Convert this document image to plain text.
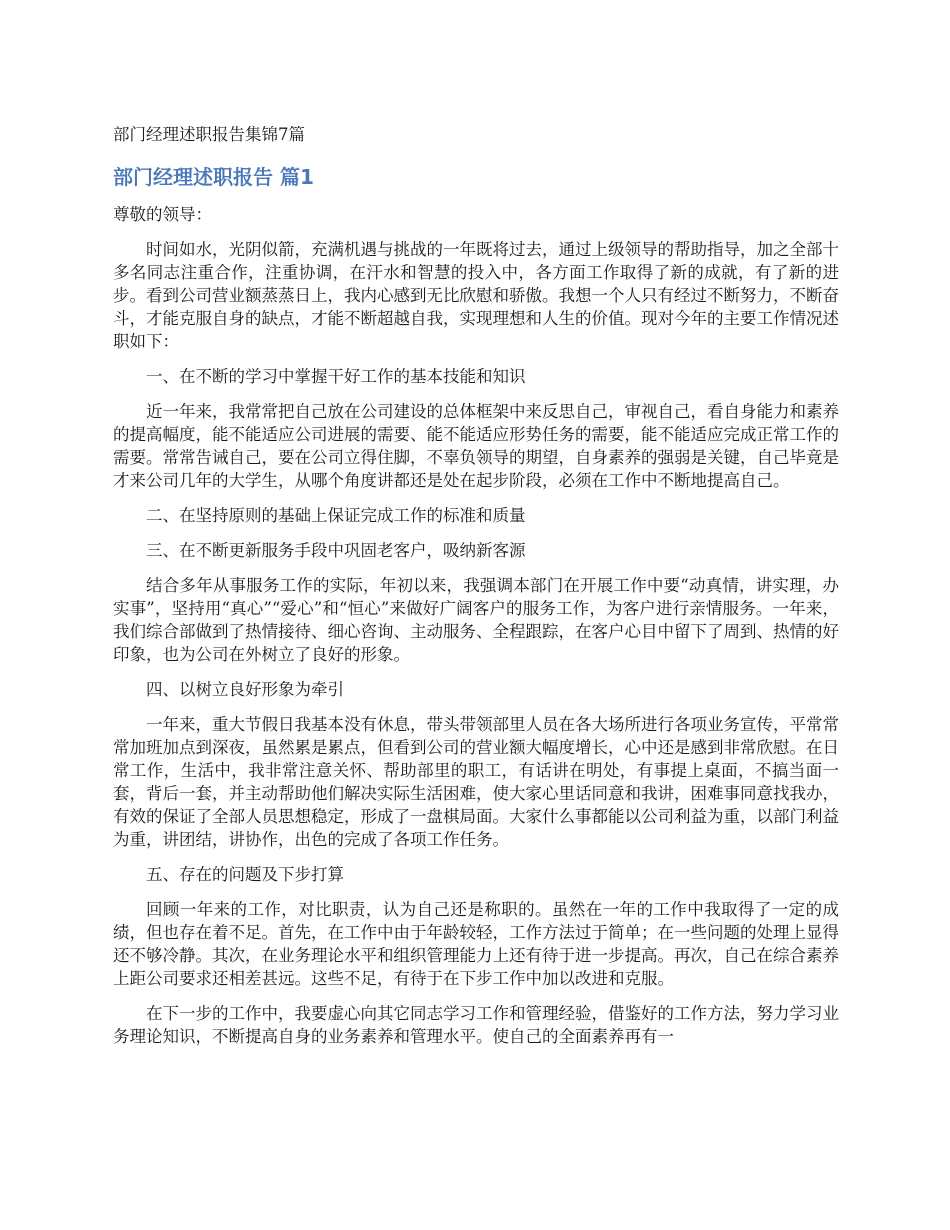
部门经理述职报告集锦7篇
部门经理述职报告 篇1
尊敬的领导：
时间如水，光阴似箭，充满机遇与挑战的一年既将过去，通过上级领导的帮助指导，加之全部十多名同志注重合作，注重协调，在汗水和智慧的投入中，各方面工作取得了新的成就，有了新的进步。看到公司营业额蒸蒸日上，我内心感到无比欣慰和骄傲。我想一个人只有经过不断努力，不断奋斗，才能克服自身的缺点，才能不断超越自我，实现理想和人生的价值。现对今年的主要工作情况述职如下：
一、在不断的学习中掌握干好工作的基本技能和知识
近一年来，我常常把自己放在公司建设的总体框架中来反思自己，审视自己，看自身能力和素养的提高幅度，能不能适应公司进展的需要、能不能适应形势任务的需要，能不能适应完成正常工作的需要。常常告诫自己，要在公司立得住脚，不辜负领导的期望，自身素养的强弱是关键，自己毕竟是才来公司几年的大学生，从哪个角度讲都还是处在起步阶段，必须在工作中不断地提高自己。
二、在坚持原则的基础上保证完成工作的标准和质量
三、在不断更新服务手段中巩固老客户，吸纳新客源
结合多年从事服务工作的实际，年初以来，我强调本部门在开展工作中要“动真情，讲实理，办实事”，坚持用“真心”“爱心”和“恒心”来做好广阔客户的服务工作，为客户进行亲情服务。一年来，我们综合部做到了热情接待、细心咨询、主动服务、全程跟踪，在客户心目中留下了周到、热情的好印象，也为公司在外树立了良好的形象。
四、以树立良好形象为牵引
一年来，重大节假日我基本没有休息，带头带领部里人员在各大场所进行各项业务宣传，平常常常加班加点到深夜，虽然累是累点，但看到公司的营业额大幅度增长，心中还是感到非常欣慰。在日常工作，生活中，我非常注意关怀、帮助部里的职工，有话讲在明处，有事提上桌面，不搞当面一套，背后一套，并主动帮助他们解决实际生活困难，使大家心里话同意和我讲，困难事同意找我办，有效的保证了全部人员思想稳定，形成了一盘棋局面。大家什么事都能以公司利益为重，以部门利益为重，讲团结，讲协作，出色的完成了各项工作任务。
五、存在的问题及下步打算
回顾一年来的工作，对比职责，认为自己还是称职的。虽然在一年的工作中我取得了一定的成绩，但也存在着不足。首先，在工作中由于年龄较轻，工作方法过于简单；在一些问题的处理上显得还不够冷静。其次，在业务理论水平和组织管理能力上还有待于进一步提高。再次，自己在综合素养上距公司要求还相差甚远。这些不足，有待于在下步工作中加以改进和克服。
在下一步的工作中，我要虚心向其它同志学习工作和管理经验，借鉴好的工作方法，努力学习业务理论知识，不断提高自身的业务素养和管理水平。使自己的全面素养再有一
